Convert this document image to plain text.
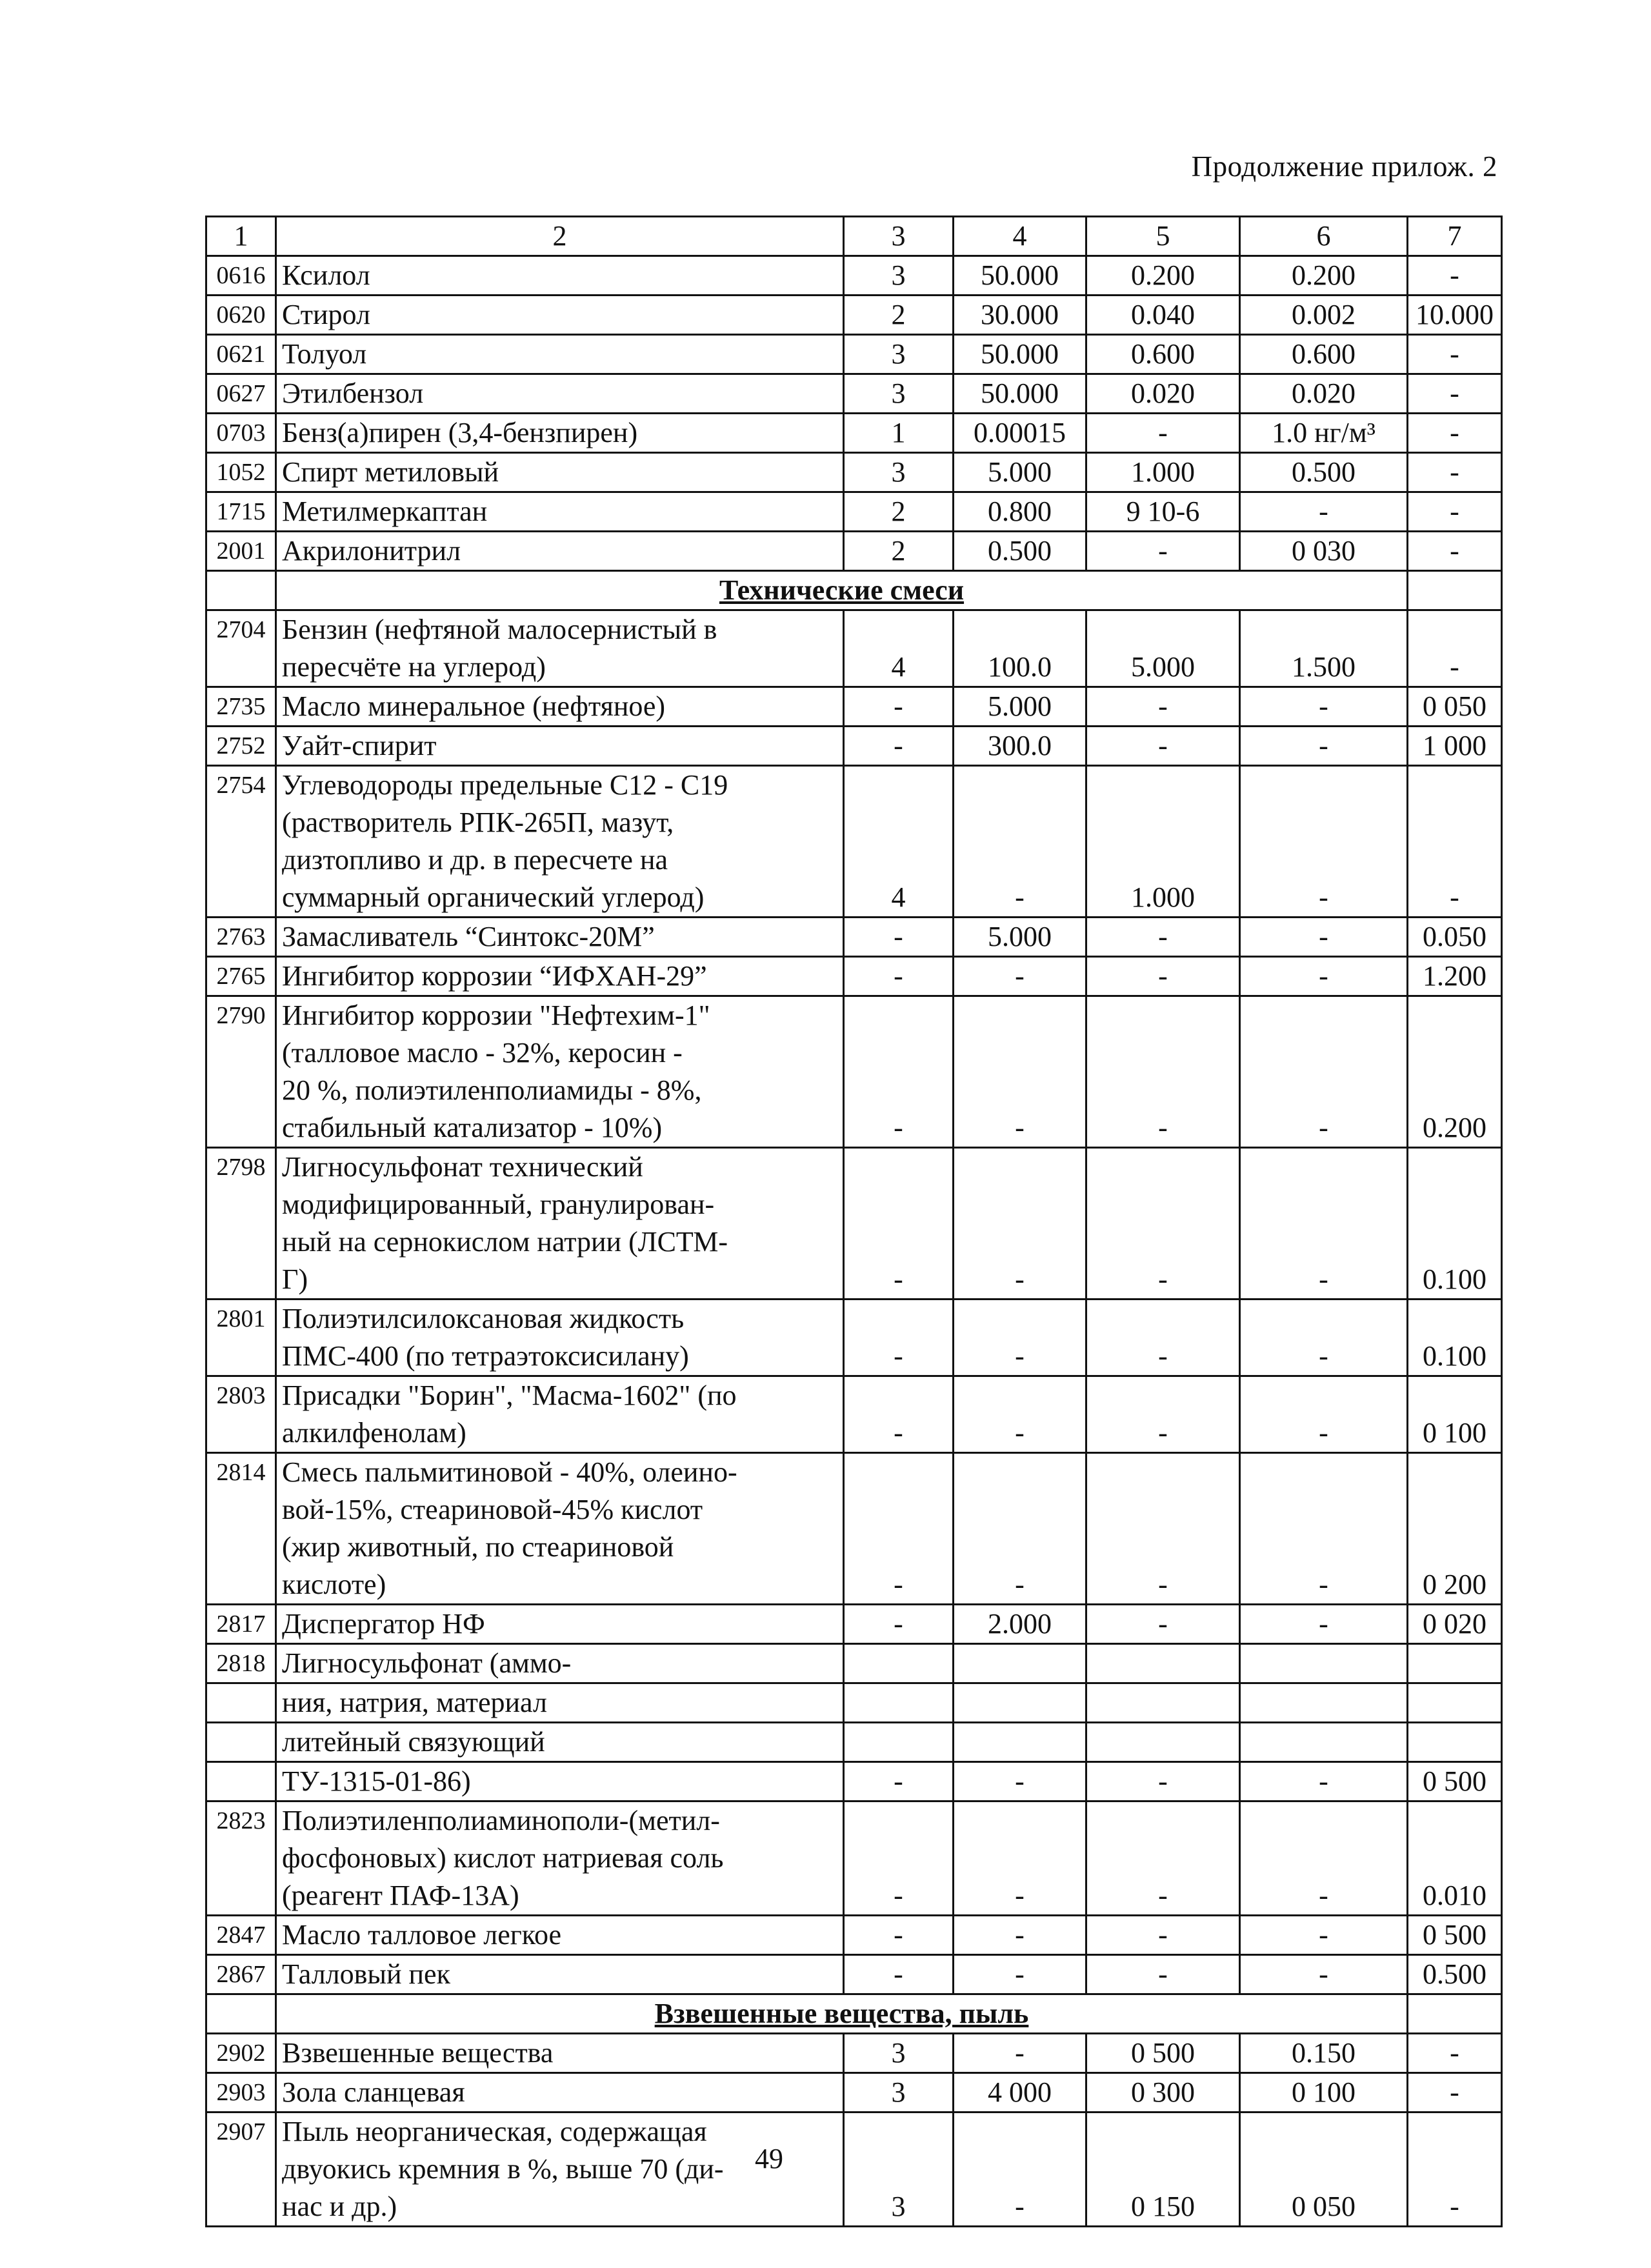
Продолжение прилож. 2
1	2	3	4	5	6	7
0616	Ксилол	3	50.000	0.200	0.200	-
0620	Стирол	2	30.000	0.040	0.002	10.000
0621	Толуол	3	50.000	0.600	0.600	-
0627	Этилбензол	3	50.000	0.020	0.020	-
0703	Бенз(а)пирен (3,4-бензпирен)	1	0.00015	-	1.0 нг/м³	-
1052	Спирт метиловый	3	5.000	1.000	0.500	-
1715	Метилмеркаптан	2	0.800	9 10-6	-	-
2001	Акрилонитрил	2	0.500	-	0 030	-
	Технические смеси					
2704	Бензин (нефтяной малосернистый в
пересчёте на углерод)	4	100.0	5.000	1.500	-
2735	Масло минеральное (нефтяное)	-	5.000	-	-	0 050
2752	Уайт-спирит	-	300.0	-	-	1 000
2754	Углеводороды предельные C12 - C19
(растворитель РПК-265П, мазут,
дизтопливо и др. в пересчете на
суммарный органический углерод)	4	-	1.000	-	-
2763	Замасливатель “Синтокс-20М”	-	5.000	-	-	0.050
2765	Ингибитор коррозии “ИФХАН-29”	-	-	-	-	1.200
2790	Ингибитор коррозии "Нефтехим-1"
(талловое масло - 32%, керосин -
20 %, полиэтиленполиамиды - 8%,
стабильный катализатор - 10%)	-	-	-	-	0.200
2798	Лигносульфонат технический
модифицированный, гранулирован-
ный на сернокислом натрии (ЛСТМ-
Г)	-	-	-	-	0.100
2801	Полиэтилсилоксановая жидкость
ПМС-400 (по тетраэтоксисилану)	-	-	-	-	0.100
2803	Присадки "Борин", "Масма-1602" (по
алкилфенолам)	-	-	-	-	0 100
2814	Смесь пальмитиновой - 40%, олеино-
вой-15%, стеариновой-45% кислот
(жир животный, по стеариновой
кислоте)	-	-	-	-	0 200
2817	Диспергатор НФ	-	2.000	-	-	0 020
2818	Лигносульфонат (аммо-					
	ния, натрия, материал					
	литейный связующий					
	ТУ-1315-01-86)	-	-	-	-	0 500
2823	Полиэтиленполиаминополи-(метил-
фосфоновых) кислот натриевая соль
(реагент ПАФ-13А)	-	-	-	-	0.010
2847	Масло талловое легкое	-	-	-	-	0 500
2867	Талловый пек	-	-	-	-	0.500
	Взвешенные вещества, пыль					
2902	Взвешенные вещества	3	-	0 500	0.150	-
2903	Зола сланцевая	3	4 000	0 300	0 100	-
2907	Пыль неорганическая, содержащая
двуокись кремния в %, выше 70 (ди-
нас и др.)	3	-	0 150	0 050	-
49
